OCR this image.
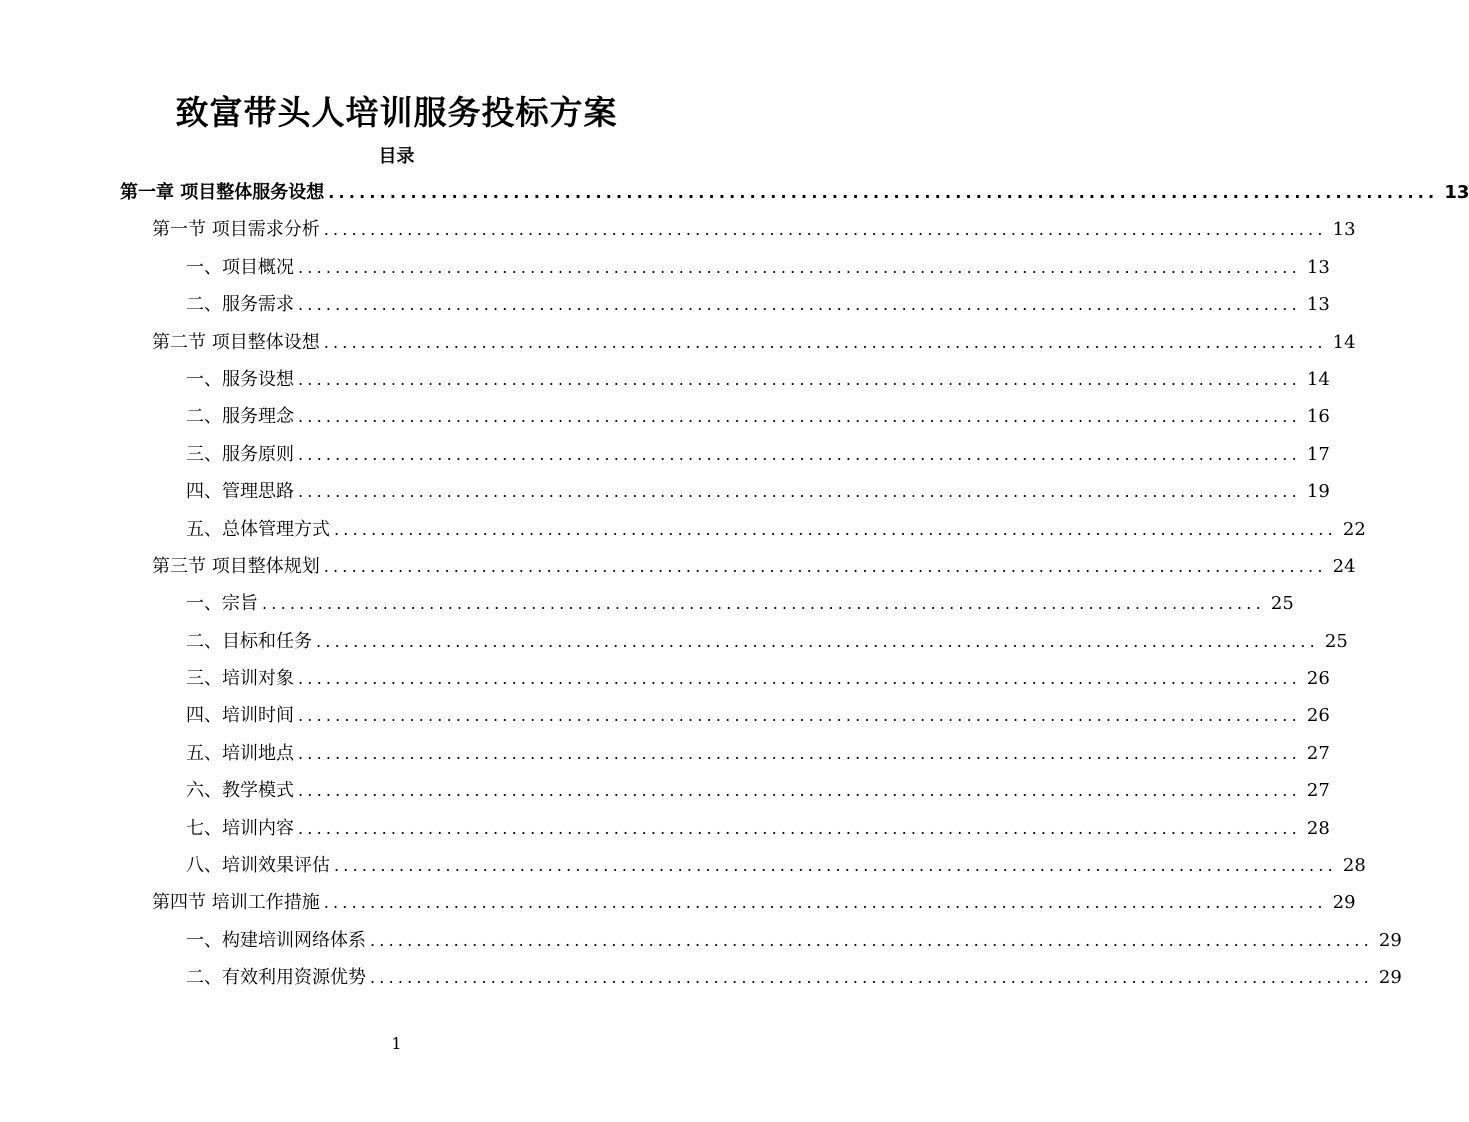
致富带头人培训服务投标方案
目录
第一章 项目整体服务设想 ............................................................................................................ 13
第一节 项目需求分析 ............................................................................................................ 13
一、项目概况 ............................................................................................................ 13
二、服务需求 ............................................................................................................ 13
第二节 项目整体设想 ............................................................................................................ 14
一、服务设想 ............................................................................................................ 14
二、服务理念 ............................................................................................................ 16
三、服务原则 ............................................................................................................ 17
四、管理思路 ............................................................................................................ 19
五、总体管理方式 ............................................................................................................ 22
第三节 项目整体规划 ............................................................................................................ 24
一、宗旨 ............................................................................................................ 25
二、目标和任务 ............................................................................................................ 25
三、培训对象 ............................................................................................................ 26
四、培训时间 ............................................................................................................ 26
五、培训地点 ............................................................................................................ 27
六、教学模式 ............................................................................................................ 27
七、培训内容 ............................................................................................................ 28
八、培训效果评估 ............................................................................................................ 28
第四节 培训工作措施 ............................................................................................................ 29
一、构建培训网络体系 ............................................................................................................ 29
二、有效利用资源优势 ............................................................................................................ 29
1
